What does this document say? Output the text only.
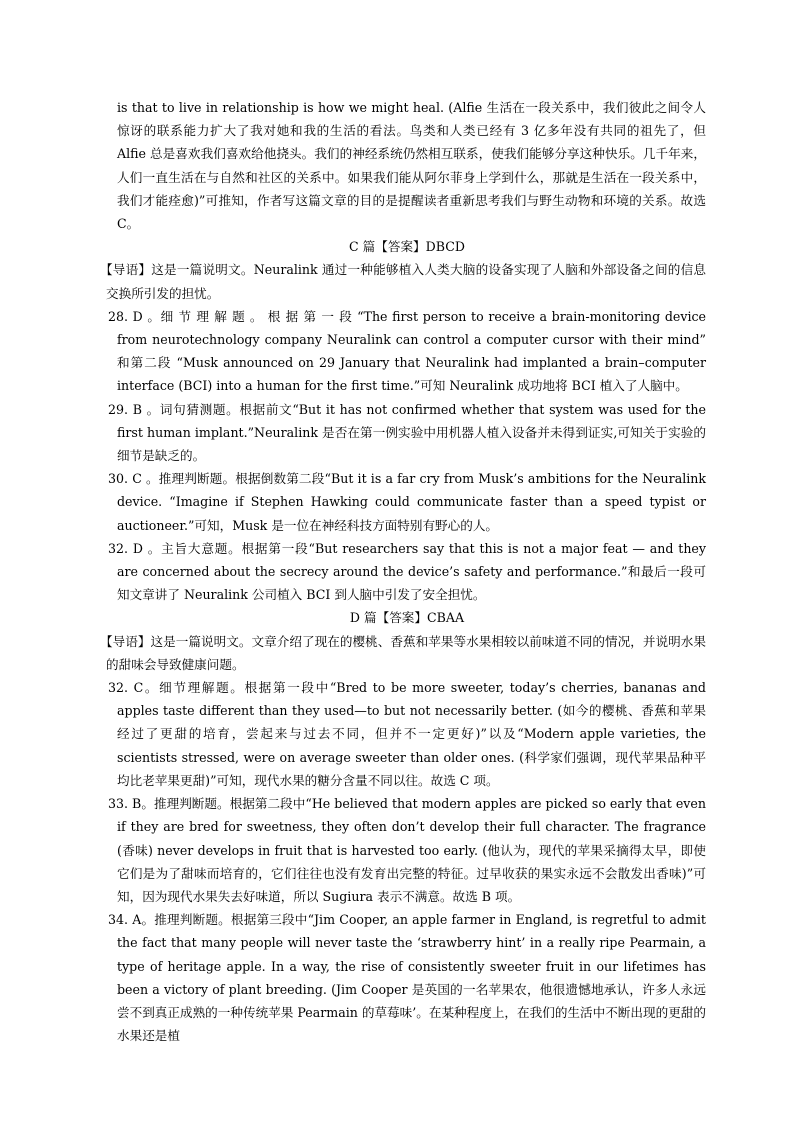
is that to live in relationship is how we might heal. (Alfie 生活在一段关系中，我们彼此之间令人惊讶的联系能力扩大了我对她和我的生活的看法。鸟类和人类已经有 3 亿多年没有共同的祖先了，但 Alfie 总是喜欢我们喜欢给他挠头。我们的神经系统仍然相互联系，使我们能够分享这种快乐。几千年来，人们一直生活在与自然和社区的关系中。如果我们能从阿尔菲身上学到什么，那就是生活在一段关系中，我们才能痊愈)”可推知，作者写这篇文章的目的是提醒读者重新思考我们与野生动物和环境的关系。故选 C。

C 篇【答案】DBCD

【导语】这是一篇说明文。Neuralink 通过一种能够植入人类大脑的设备实现了人脑和外部设备之间的信息交换所引发的担忧。

28. D 。细 节 理 解 题 。 根 据 第 一 段 “The first person to receive a brain-monitoring device from neurotechnology company Neuralink can control a computer cursor with their mind” 和第二段 “Musk announced on 29 January that Neuralink had implanted a brain–computer interface (BCI) into a human for the first time.”可知 Neuralink 成功地将 BCI 植入了人脑中。

29. B 。词句猜测题。根据前文“But it has not confirmed whether that system was used for the first human implant.”Neuralink 是否在第一例实验中用机器人植入设备并未得到证实,可知关于实验的细节是缺乏的。

30. C 。推理判断题。根据倒数第二段“But it is a far cry from Musk’s ambitions for the Neuralink device. “Imagine if Stephen Hawking could communicate faster than a speed typist or auctioneer.”可知，Musk 是一位在神经科技方面特别有野心的人。

32. D 。主旨大意题。根据第一段“But researchers say that this is not a major feat — and they are concerned about the secrecy around the device’s safety and performance.”和最后一段可知文章讲了 Neuralink 公司植入 BCI 到人脑中引发了安全担忧。

D 篇【答案】CBAA

【导语】这是一篇说明文。文章介绍了现在的樱桃、香蕉和苹果等水果相较以前味道不同的情况，并说明水果的甜味会导致健康问题。

32. C。细节理解题。根据第一段中“Bred to be more sweeter, today’s cherries, bananas and apples taste different than they used—to but not necessarily better. (如今的樱桃、香蕉和苹果经过了更甜的培育，尝起来与过去不同，但并不一定更好)”以及“Modern apple varieties, the scientists stressed, were on average sweeter than older ones. (科学家们强调，现代苹果品种平均比老苹果更甜)”可知，现代水果的糖分含量不同以往。故选 C 项。

33. B。推理判断题。根据第二段中“He believed that modern apples are picked so early that even if they are bred for sweetness, they often don’t develop their full character. The fragrance (香味) never develops in fruit that is harvested too early. (他认为，现代的苹果采摘得太早，即使它们是为了甜味而培育的，它们往往也没有发育出完整的特征。过早收获的果实永远不会散发出香味)”可知，因为现代水果失去好味道，所以 Sugiura 表示不满意。故选 B 项。

34. A。推理判断题。根据第三段中“Jim Cooper, an apple farmer in England, is regretful to admit the fact that many people will never taste the ‘strawberry hint’ in a really ripe Pearmain, a type of heritage apple. In a way, the rise of consistently sweeter fruit in our lifetimes has been a victory of plant breeding. (Jim Cooper 是英国的一名苹果农，他很遗憾地承认，许多人永远尝不到真正成熟的一种传统苹果 Pearmain 的草莓味’。在某种程度上，在我们的生活中不断出现的更甜的水果还是植
